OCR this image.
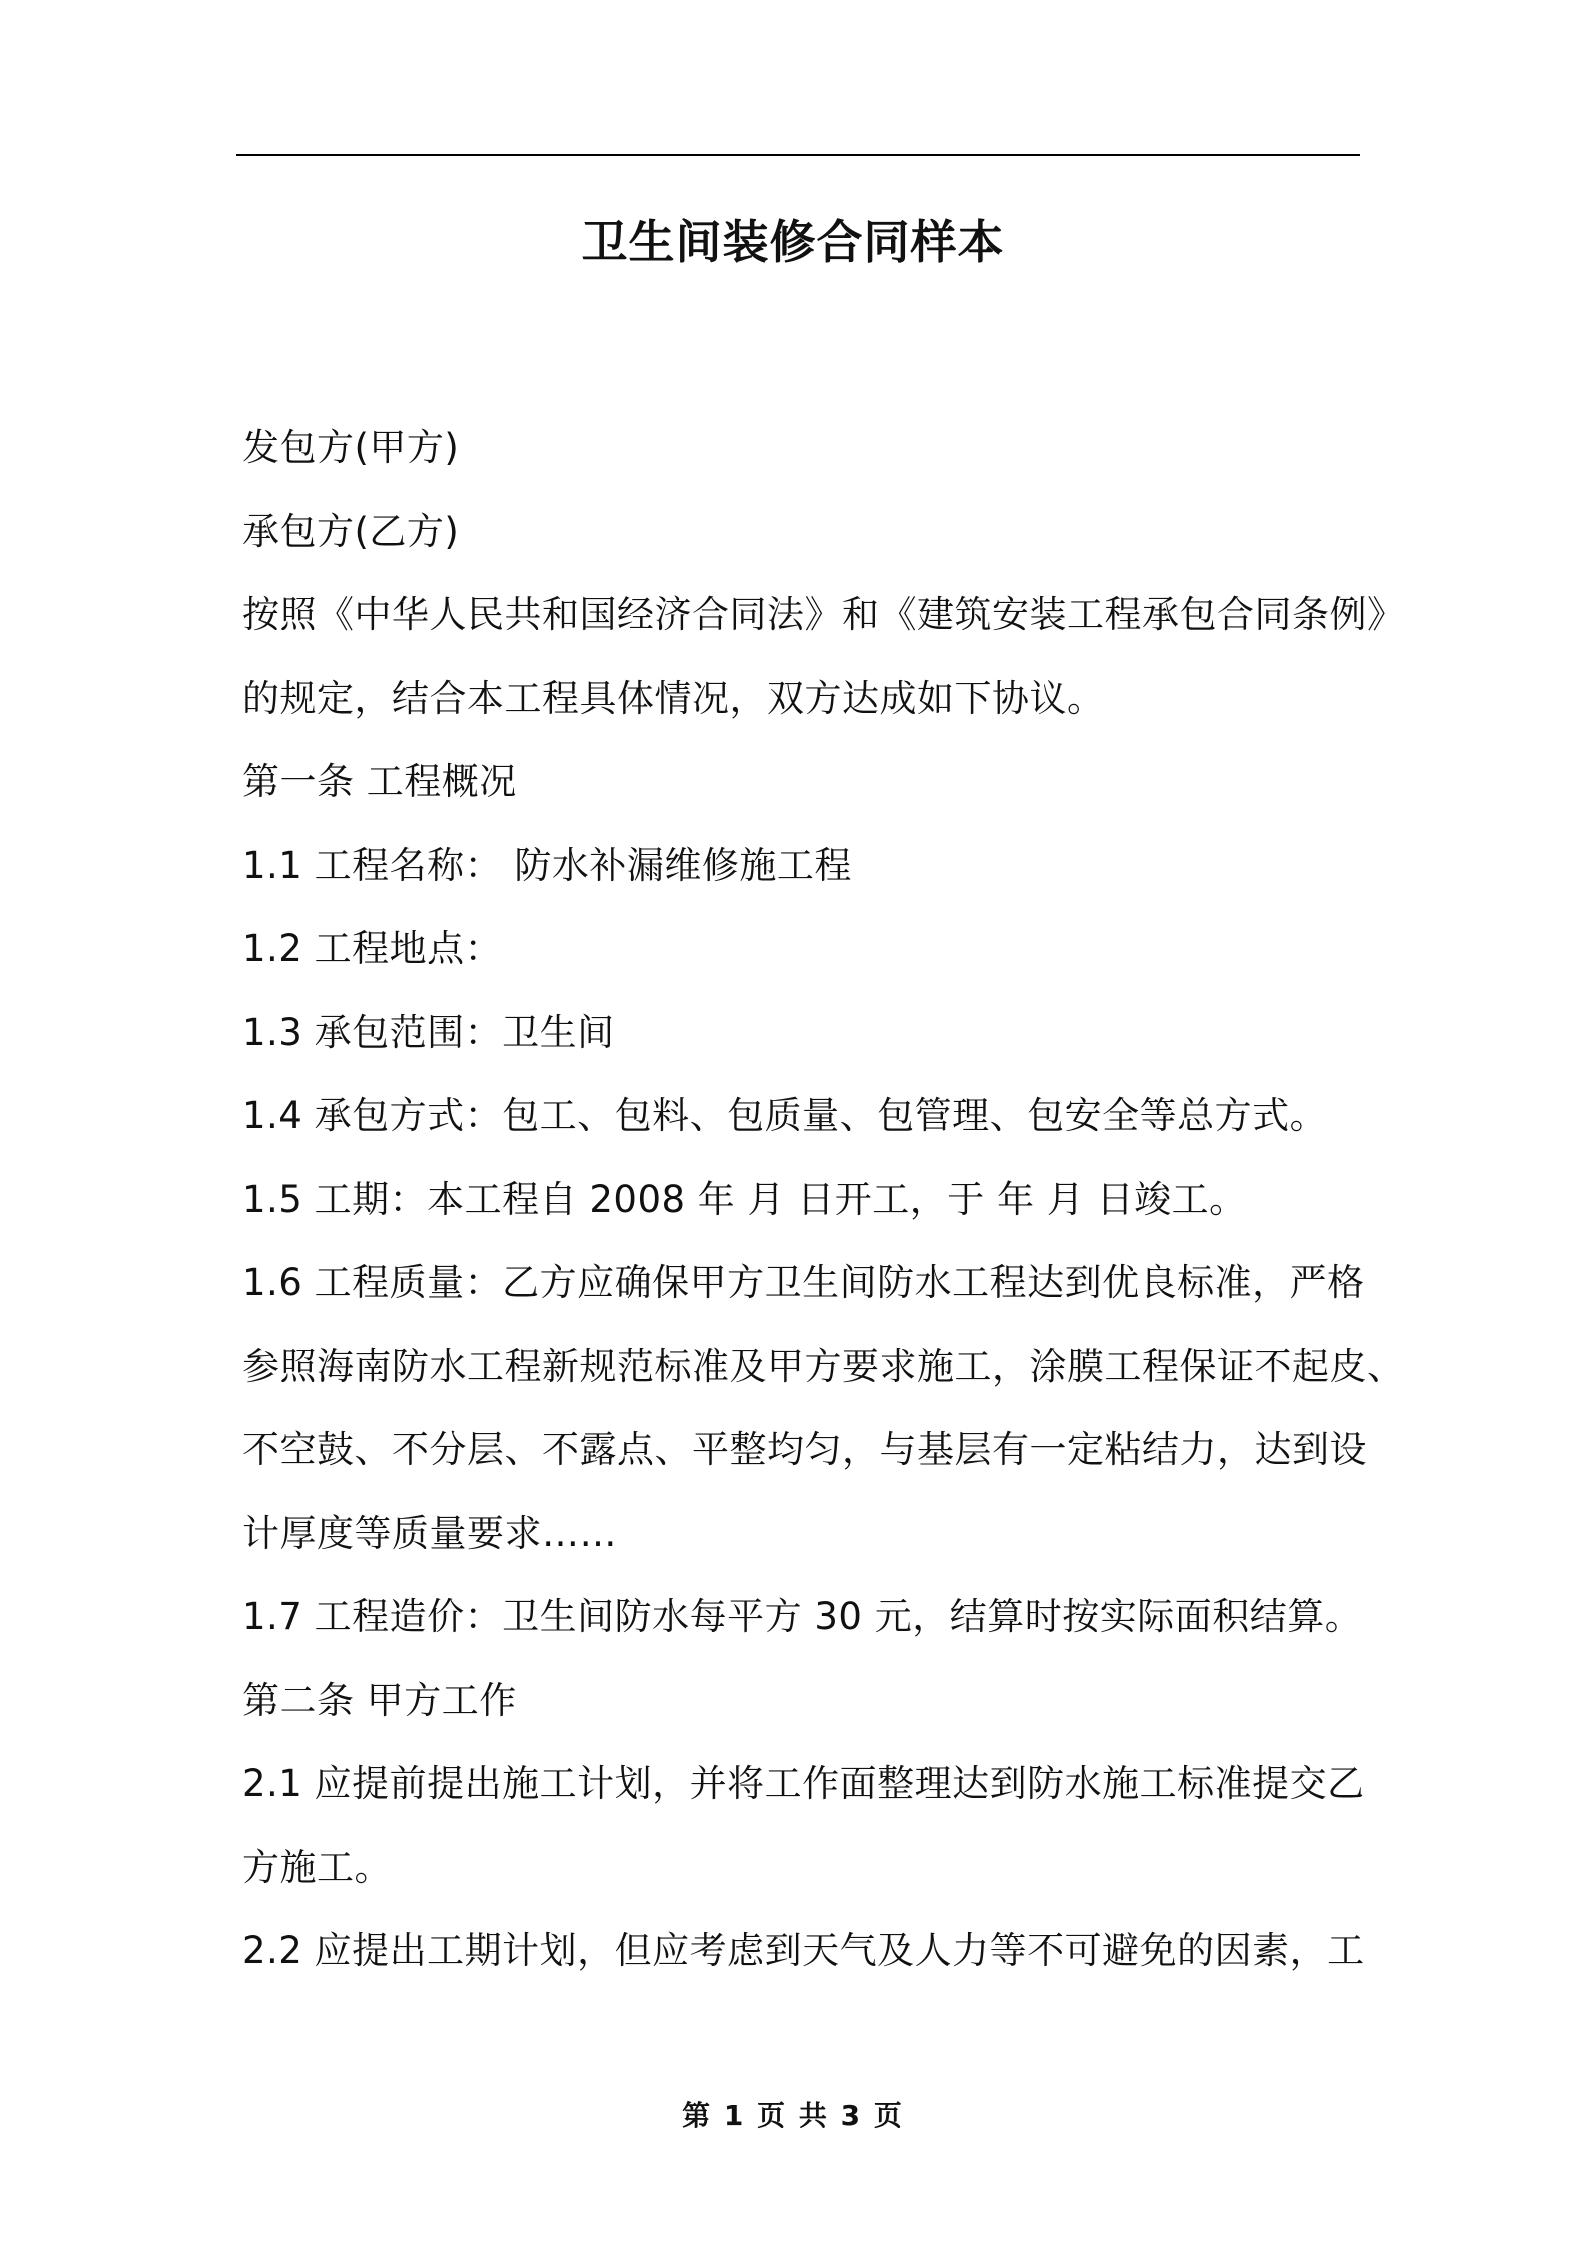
卫生间装修合同样本
发包方(甲方)
承包方(乙方)
按照《中华人民共和国经济合同法》和《建筑安装工程承包合同条例》
的规定，结合本工程具体情况，双方达成如下协议。
第一条 工程概况
1.1 工程名称： 防水补漏维修施工程
1.2 工程地点：
1.3 承包范围：卫生间
1.4 承包方式：包工、包料、包质量、包管理、包安全等总方式。
1.5 工期：本工程自 2008 年 月 日开工，于 年 月 日竣工。
1.6 工程质量：乙方应确保甲方卫生间防水工程达到优良标准，严格
参照海南防水工程新规范标准及甲方要求施工，涂膜工程保证不起皮、
不空鼓、不分层、不露点、平整均匀，与基层有一定粘结力，达到设
计厚度等质量要求……
1.7 工程造价：卫生间防水每平方 30 元，结算时按实际面积结算。
第二条 甲方工作
2.1 应提前提出施工计划，并将工作面整理达到防水施工标准提交乙
方施工。
2.2 应提出工期计划，但应考虑到天气及人力等不可避免的因素，工
第 1 页 共 3 页
